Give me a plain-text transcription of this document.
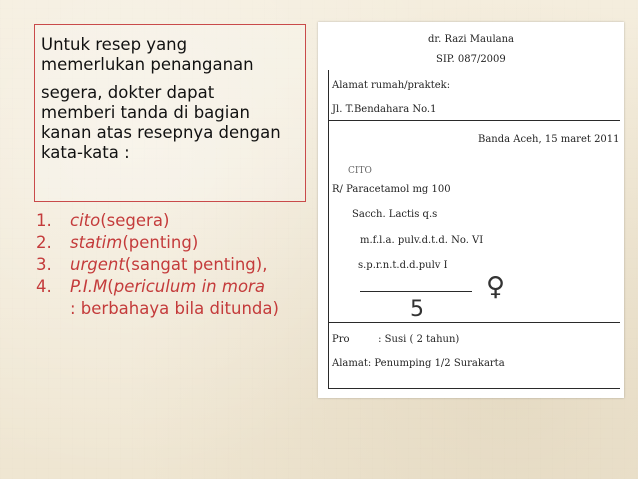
Untuk resep yang
memerlukan penanganan
segera, dokter dapat
memberi tanda di bagian
kanan atas resepnya dengan
kata-kata :
1.	cito (segera)
2.	statim (penting)
3.	urgent (sangat penting),
4.	P.I.M ( periculum in mora
: berbahaya bila ditunda)
dr. Razi Maulana
SIP. 087/2009
Alamat rumah/praktek:
Jl. T.Bendahara No.1
Banda Aceh, 15 maret 2011
CITO
R/ Paracetamol mg 100
Sacch. Lactis q.s
m.f.l.a. pulv.d.t.d. No. VI
s.p.r.n.t.d.d.pulv I
♀
5
Pro         : Susi ( 2 tahun)
Alamat: Penumping 1/2 Surakarta
